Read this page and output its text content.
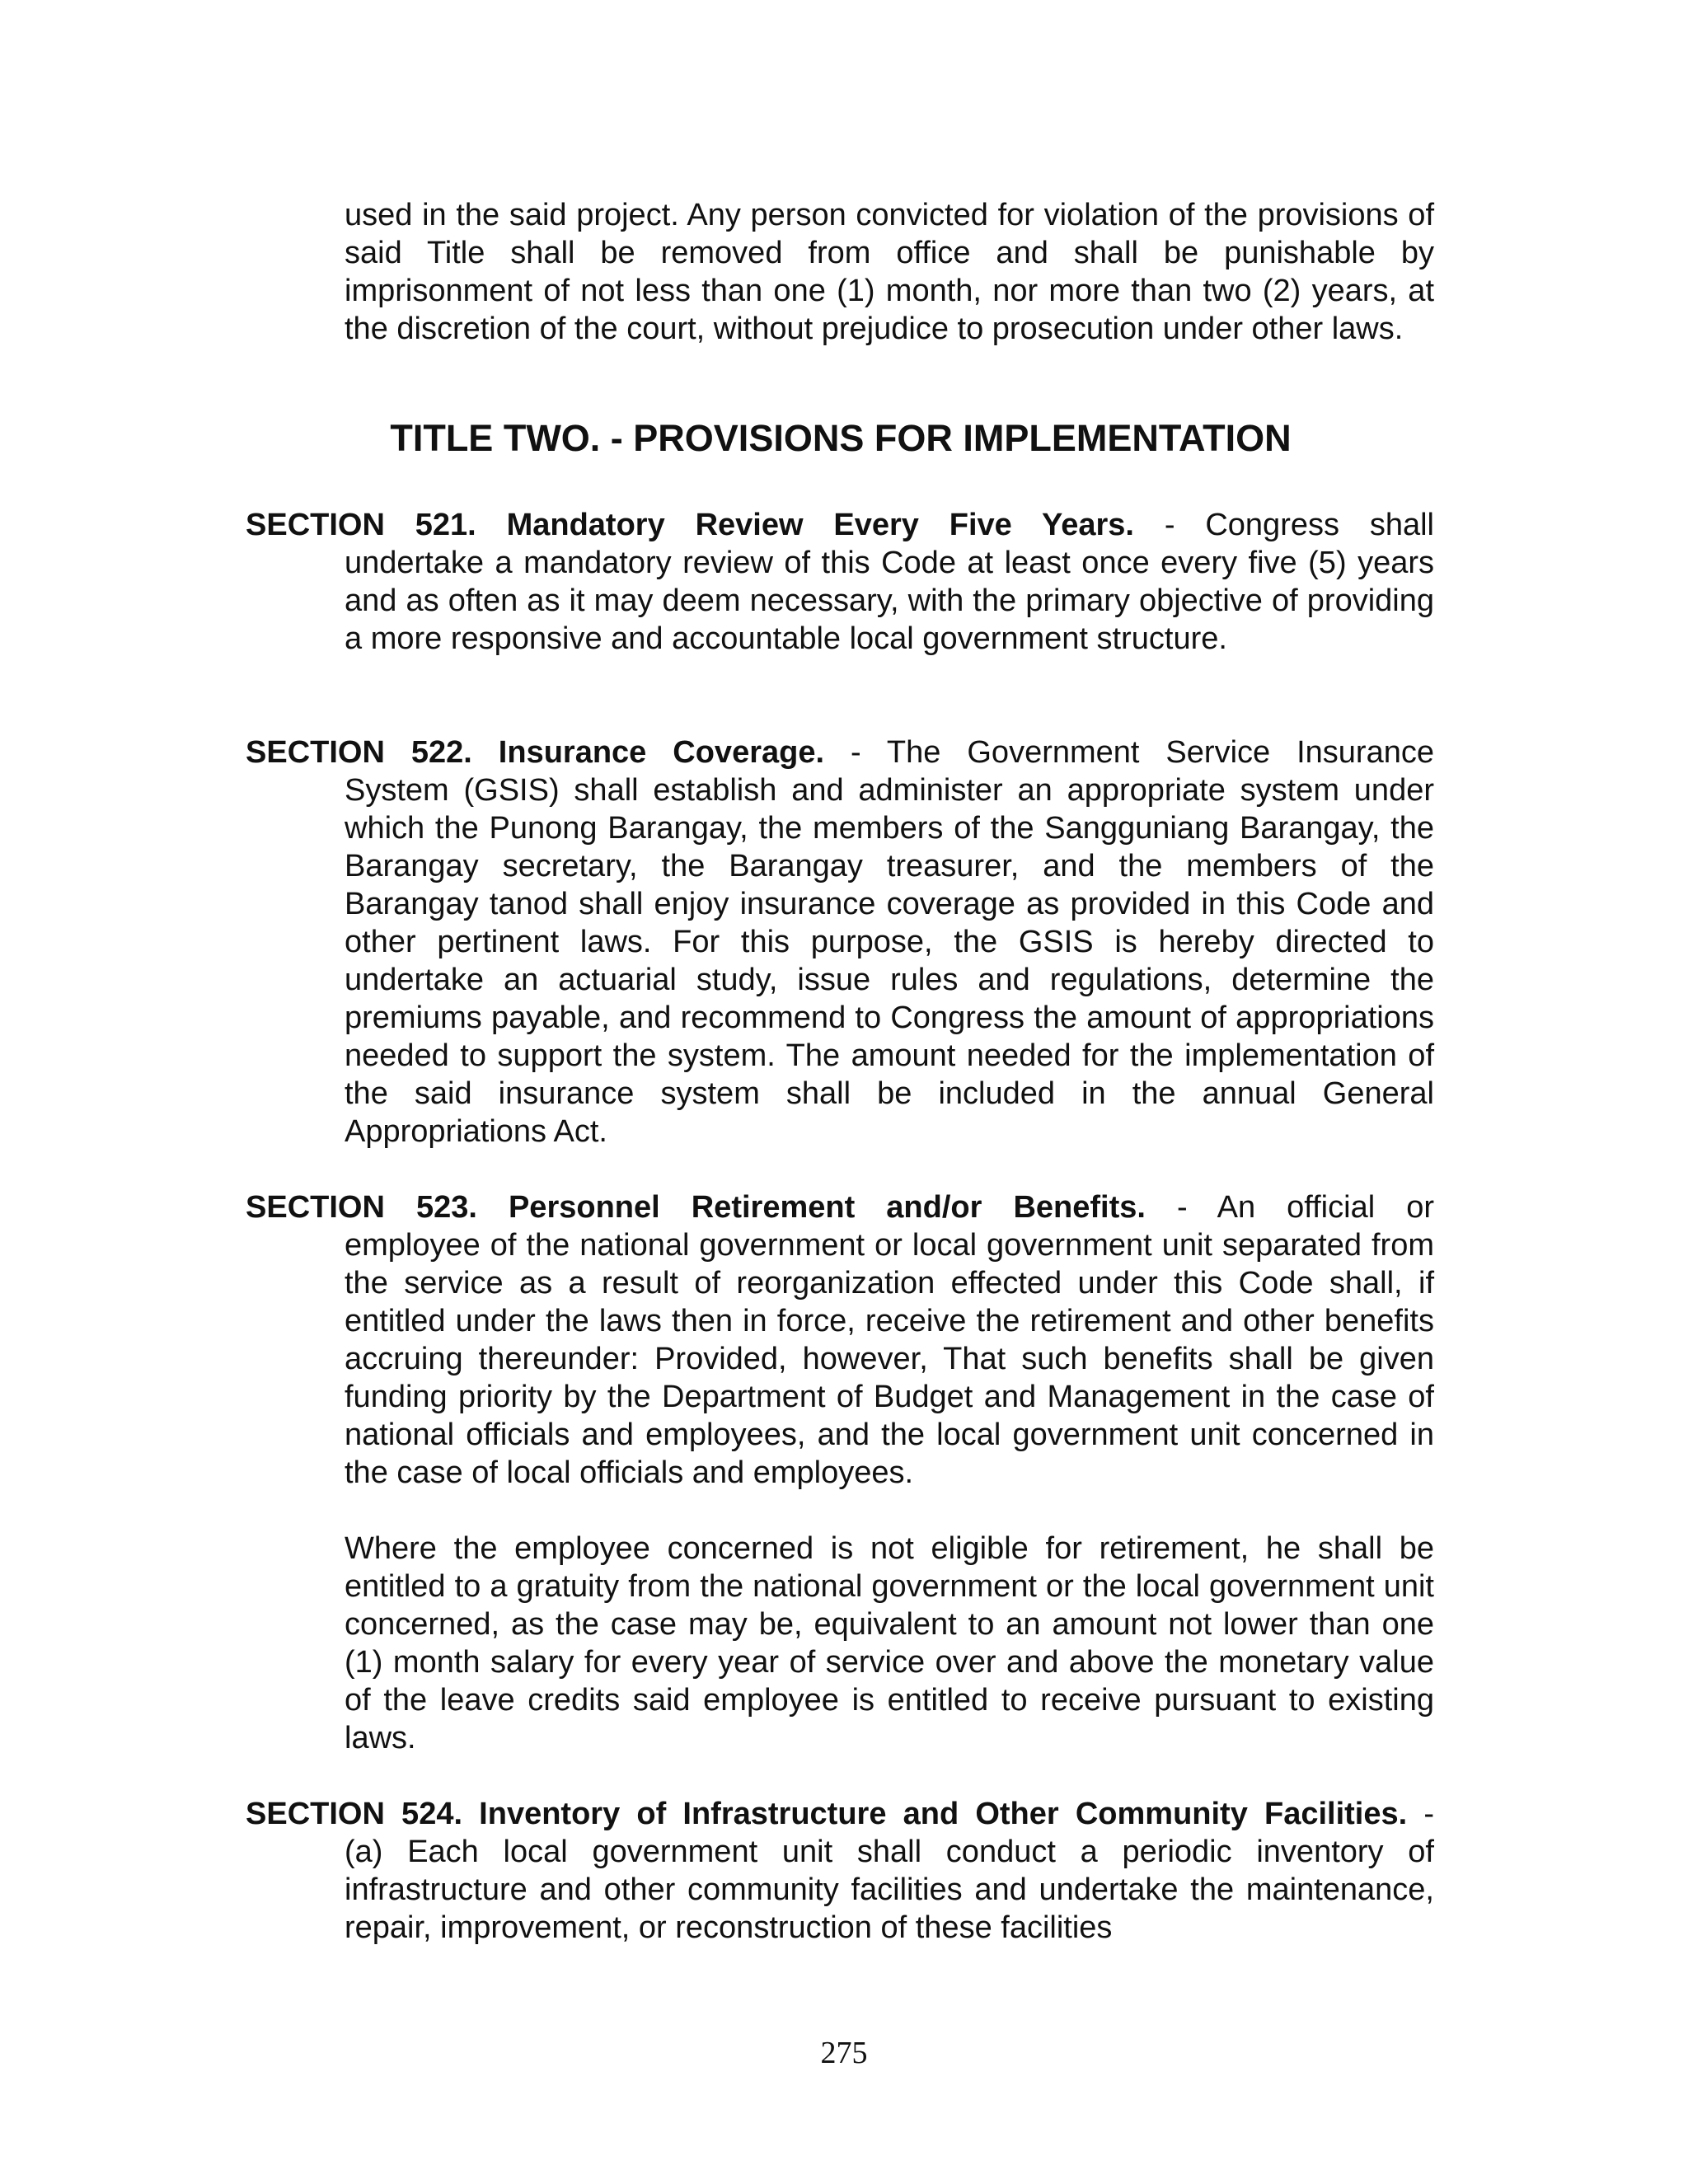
used in the said project. Any person convicted for violation of the provisions of said Title shall be removed from office and shall be punishable by imprisonment of not less than one (1) month, nor more than two (2) years, at the discretion of the court, without prejudice to prosecution under other laws.

TITLE TWO. - PROVISIONS FOR IMPLEMENTATION
SECTION 521. Mandatory Review Every Five Years. - Congress shall
undertake a mandatory review of this Code at least once every five (5) years and as often as it may deem necessary, with the primary objective of providing a more responsive and accountable local government structure.
SECTION 522. Insurance Coverage. - The Government Service Insurance
System (GSIS) shall establish and administer an appropriate system under which the Punong Barangay, the members of the Sangguniang Barangay, the Barangay secretary, the Barangay treasurer, and the members of the Barangay tanod shall enjoy insurance coverage as provided in this Code and other pertinent laws. For this purpose, the GSIS is hereby directed to undertake an actuarial study, issue rules and regulations, determine the premiums payable, and recommend to Congress the amount of appropriations needed to support the system. The amount needed for the implementation of the said insurance system shall be included in the annual General Appropriations Act.
SECTION 523. Personnel Retirement and/or Benefits. - An official or
employee of the national government or local government unit separated from the service as a result of reorganization effected under this Code shall, if entitled under the laws then in force, receive the retirement and other benefits accruing thereunder: Provided, however, That such benefits shall be given funding priority by the Department of Budget and Management in the case of national officials and employees, and the local government unit concerned in the case of local officials and employees.

Where the employee concerned is not eligible for retirement, he shall be entitled to a gratuity from the national government or the local government unit concerned, as the case may be, equivalent to an amount not lower than one (1) month salary for every year of service over and above the monetary value of the leave credits said employee is entitled to receive pursuant to existing laws.

SECTION 524. Inventory of Infrastructure and Other Community Facilities. -
(a) Each local government unit shall conduct a periodic inventory of infrastructure and other community facilities and undertake the maintenance, repair, improvement, or reconstruction of these facilities
275
